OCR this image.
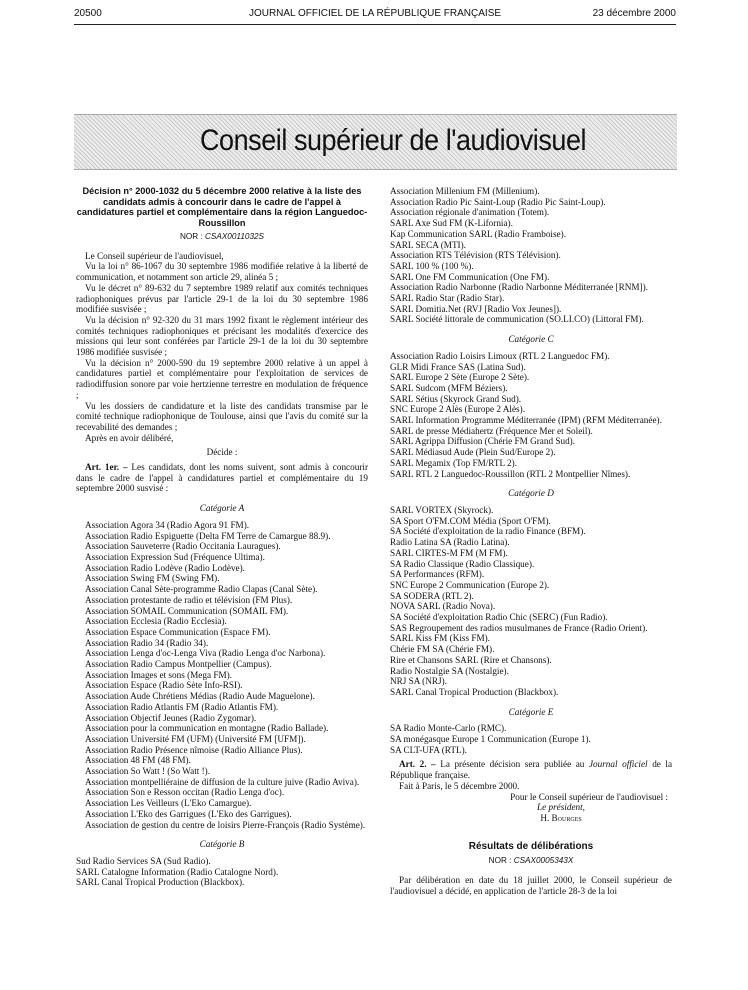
20500	JOURNAL OFFICIEL DE LA RÉPUBLIQUE FRANÇAISE	23 décembre 2000
Conseil supérieur de l'audiovisuel

Décision n° 2000-1032 du 5 décembre 2000 relative à la liste des candidats admis à concourir dans le cadre de l'appel à candidatures partiel et complémentaire dans la région Languedoc-Roussillon

NOR : CSAX0011032S

Le Conseil supérieur de l'audiovisuel,

Vu la loi n° 86-1067 du 30 septembre 1986 modifiée relative à la liberté de communication, et notamment son article 29, alinéa 5 ;

Vu le décret n° 89-632 du 7 septembre 1989 relatif aux comités techniques radiophoniques prévus par l'article 29-1 de la loi du 30 septembre 1986 modifiée susvisée ;

Vu la décision n° 92-320 du 31 mars 1992 fixant le règlement intérieur des comités techniques radiophoniques et précisant les modalités d'exercice des missions qui leur sont conférées par l'article 29-1 de la loi du 30 septembre 1986 modifiée susvisée ;

Vu la décision n° 2000-590 du 19 septembre 2000 relative à un appel à candidatures partiel et complémentaire pour l'exploitation de services de radiodiffusion sonore par voie hertzienne terrestre en modulation de fréquence ;

Vu les dossiers de candidature et la liste des candidats transmise par le comité technique radiophonique de Toulouse, ainsi que l'avis du comité sur la recevabilité des demandes ;

Après en avoir délibéré,

Décide :

Art. 1er. – Les candidats, dont les noms suivent, sont admis à concourir dans le cadre de l'appel à candidatures partiel et complémentaire du 19 septembre 2000 susvisé :

Catégorie A

Association Agora 34 (Radio Agora 91 FM).

Association Radio Espiguette (Delta FM Terre de Camargue 88.9).

Association Sauveterre (Radio Occitania Lauragues).

Association Expression Sud (Fréquence Ultima).

Association Radio Lodève (Radio Lodève).

Association Swing FM (Swing FM).

Association Canal Sète-programme Radio Clapas (Canal Sète).

Association protestante de radio et télévision (FM Plus).

Association SOMAIL Communication (SOMAIL FM).

Association Ecclesia (Radio Ecclesia).

Association Espace Communication (Espace FM).

Association Radio 34 (Radio 34).

Association Lenga d'oc-Lenga Viva (Radio Lenga d'oc Narbona).

Association Radio Campus Montpellier (Campus).

Association Images et sons (Mega FM).

Association Espace (Radio Sète Info-RSI).

Association Aude Chrétiens Médias (Radio Aude Maguelone).

Association Radio Atlantis FM (Radio Atlantis FM).

Association Objectif Jeunes (Radio Zygomar).

Association pour la communication en montagne (Radio Ballade).

Association Université FM (UFM) (Université FM [UFM]).

Association Radio Présence nîmoise (Radio Alliance Plus).

Association 48 FM (48 FM).

Association So Watt ! (So Watt !).

Association montpelliéraine de diffusion de la culture juive (Radio Aviva).

Association Son e Resson occitan (Radio Lenga d'oc).

Association Les Veilleurs (L'Eko Camargue).

Association L'Eko des Garrigues (L'Eko des Garrigues).

Association de gestion du centre de loisirs Pierre-François (Radio Système).

Catégorie B

Sud Radio Services SA (Sud Radio).

SARL Catalogne Information (Radio Catalogne Nord).

SARL Canal Tropical Production (Blackbox).

Association Millenium FM (Millenium).

Association Radio Pic Saint-Loup (Radio Pic Saint-Loup).

Association régionale d'animation (Totem).

SARL Axe Sud FM (K-Lifornia).

Kap Communication SARL (Radio Framboise).

SARL SECA (MTI).

Association RTS Télévision (RTS Télévision).

SARL 100 % (100 %).

SARL One FM Communication (One FM).

Association Radio Narbonne (Radio Narbonne Méditerranée [RNM]).

SARL Radio Star (Radio Star).

SARL Domitia.Net (RVJ [Radio Vox Jeunes]).

SARL Société littorale de communication (SO.LI.CO) (Littoral FM).

Catégorie C

Association Radio Loisirs Limoux (RTL 2 Languedoc FM).

GLR Midi France SAS (Latina Sud).

SARL Europe 2 Sète (Europe 2 Sète).

SARL Sudcom (MFM Béziers).

SARL Sétius (Skyrock Grand Sud).

SNC Europe 2 Alès (Europe 2 Alès).

SARL Information Programme Méditerranée (IPM) (RFM Méditerranée).

SARL de presse Médiahertz (Fréquence Mer et Soleil).

SARL Agrippa Diffusion (Chérie FM Grand Sud).

SARL Médiasud Aude (Plein Sud/Europe 2).

SARL Megamix (Top FM/RTL 2).

SARL RTL 2 Languedoc-Roussillon (RTL 2 Montpellier Nîmes).

Catégorie D

SARL VORTEX (Skyrock).

SA Sport O'FM.COM Média (Sport O'FM).

SA Société d'exploitation de la radio Finance (BFM).

Radio Latina SA (Radio Latina).

SARL CIRTES-M FM (M FM).

SA Radio Classique (Radio Classique).

SA Performances (RFM).

SNC Europe 2 Communication (Europe 2).

SA SODERA (RTL 2).

NOVA SARL (Radio Nova).

SA Société d'exploitation Radio Chic (SERC) (Fun Radio).

SAS Regroupement des radios musulmanes de France (Radio Orient).

SARL Kiss FM (Kiss FM).

Chérie FM SA (Chérie FM).

Rire et Chansons SARL (Rire et Chansons).

Radio Nostalgie SA (Nostalgie).

NRJ SA (NRJ).

SARL Canal Tropical Production (Blackbox).

Catégorie E

SA Radio Monte-Carlo (RMC).

SA monégasque Europe 1 Communication (Europe 1).

SA CLT-UFA (RTL).

Art. 2. – La présente décision sera publiée au Journal officiel de la République française.

Fait à Paris, le 5 décembre 2000.

Pour le Conseil supérieur de l'audiovisuel :

Le président,

H. Bourges

Résultats de délibérations

NOR : CSAX0005343X

Par délibération en date du 18 juillet 2000, le Conseil supérieur de l'audiovisuel a décidé, en application de l'article 28-3 de la loi
